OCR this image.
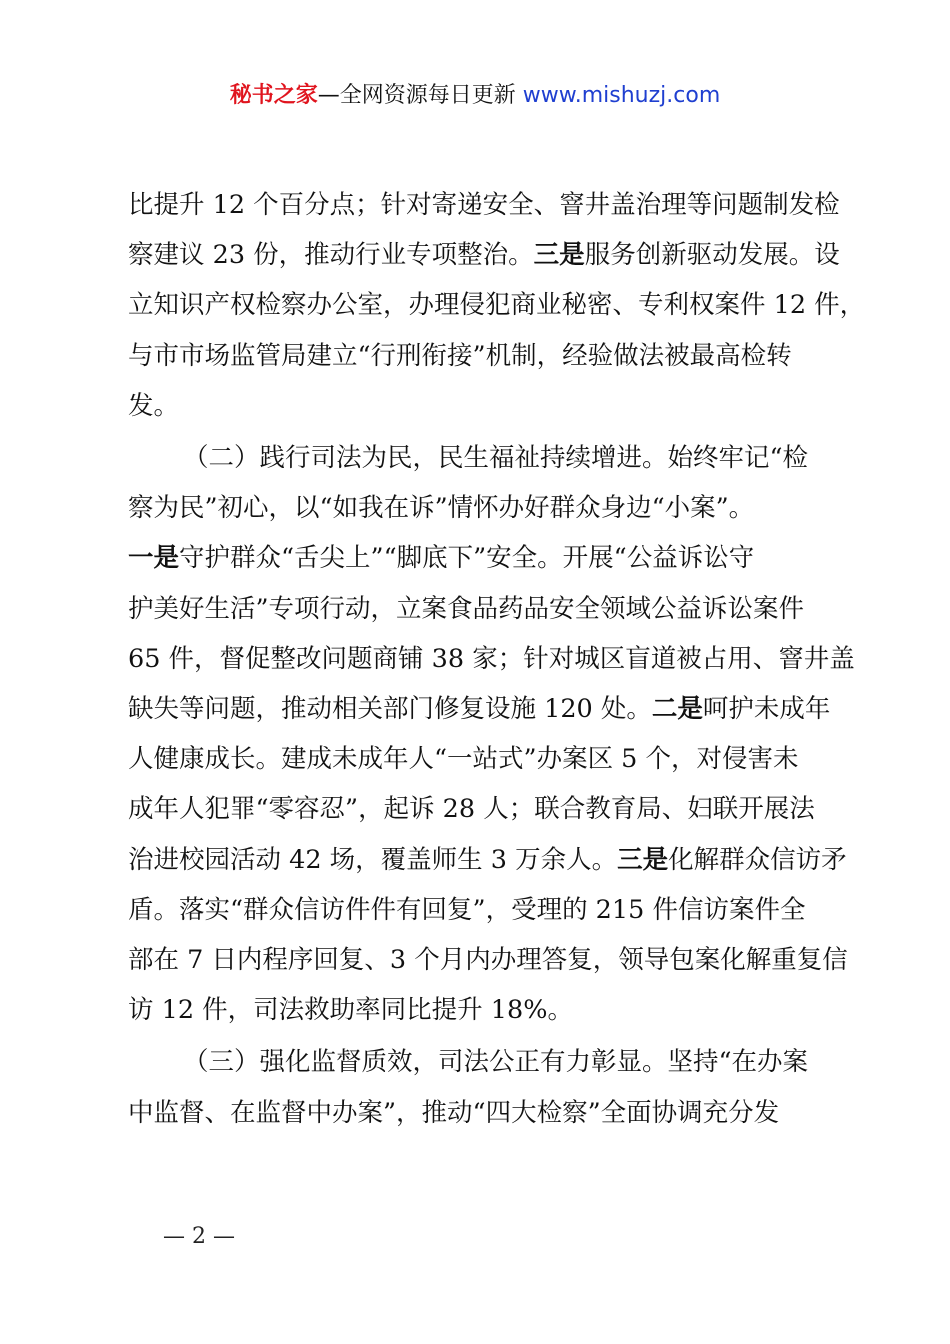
秘书之家—全网资源每日更新 www.mishuzj.com
比提升 12 个百分点；针对寄递安全、窨井盖治理等问题制发检
察建议 23 份，推动行业专项整治。三是服务创新驱动发展。设
立知识产权检察办公室，办理侵犯商业秘密、专利权案件 12 件，
与市市场监管局建立“行刑衔接”机制，经验做法被最高检转
发。
（二）践行司法为民，民生福祉持续增进。始终牢记“检
察为民”初心，以“如我在诉”情怀办好群众身边“小案”。
一是守护群众“舌尖上”“脚底下”安全。开展“公益诉讼守
护美好生活”专项行动，立案食品药品安全领域公益诉讼案件
65 件，督促整改问题商铺 38 家；针对城区盲道被占用、窨井盖
缺失等问题，推动相关部门修复设施 120 处。二是呵护未成年
人健康成长。建成未成年人“一站式”办案区 5 个，对侵害未
成年人犯罪“零容忍”，起诉 28 人；联合教育局、妇联开展法
治进校园活动 42 场，覆盖师生 3 万余人。三是化解群众信访矛
盾。落实“群众信访件件有回复”，受理的 215 件信访案件全
部在 7 日内程序回复、3 个月内办理答复，领导包案化解重复信
访 12 件，司法救助率同比提升 18%。
（三）强化监督质效，司法公正有力彰显。坚持“在办案
中监督、在监督中办案”，推动“四大检察”全面协调充分发
— 2 —
